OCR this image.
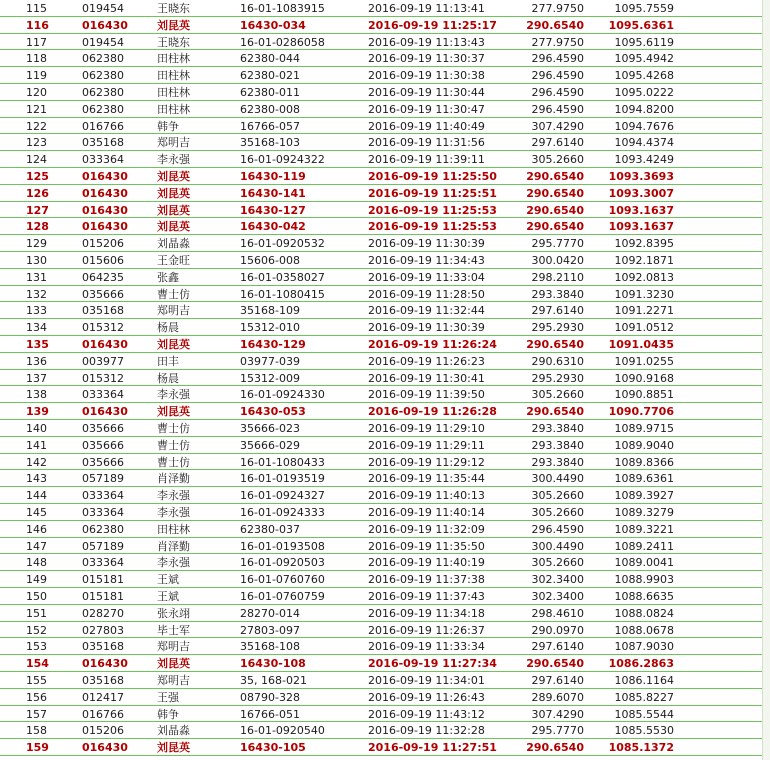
115	019454	王晓东	16-01-1083915	2016-09-19 11:13:41	277.9750	1095.7559
116	016430	刘昆英	16430-034	2016-09-19 11:25:17	290.6540	1095.6361
117	019454	王晓东	16-01-0286058	2016-09-19 11:13:43	277.9750	1095.6119
118	062380	田柱林	62380-044	2016-09-19 11:30:37	296.4590	1095.4942
119	062380	田柱林	62380-021	2016-09-19 11:30:38	296.4590	1095.4268
120	062380	田柱林	62380-011	2016-09-19 11:30:44	296.4590	1095.0222
121	062380	田柱林	62380-008	2016-09-19 11:30:47	296.4590	1094.8200
122	016766	韩争	16766-057	2016-09-19 11:40:49	307.4290	1094.7676
123	035168	郑明吉	35168-103	2016-09-19 11:31:56	297.6140	1094.4374
124	033364	李永强	16-01-0924322	2016-09-19 11:39:11	305.2660	1093.4249
125	016430	刘昆英	16430-119	2016-09-19 11:25:50	290.6540	1093.3693
126	016430	刘昆英	16430-141	2016-09-19 11:25:51	290.6540	1093.3007
127	016430	刘昆英	16430-127	2016-09-19 11:25:53	290.6540	1093.1637
128	016430	刘昆英	16430-042	2016-09-19 11:25:53	290.6540	1093.1637
129	015206	刘晶淼	16-01-0920532	2016-09-19 11:30:39	295.7770	1092.8395
130	015606	王金旺	15606-008	2016-09-19 11:34:43	300.0420	1092.1871
131	064235	张鑫	16-01-0358027	2016-09-19 11:33:04	298.2110	1092.0813
132	035666	曹士仿	16-01-1080415	2016-09-19 11:28:50	293.3840	1091.3230
133	035168	郑明吉	35168-109	2016-09-19 11:32:44	297.6140	1091.2271
134	015312	杨晨	15312-010	2016-09-19 11:30:39	295.2930	1091.0512
135	016430	刘昆英	16430-129	2016-09-19 11:26:24	290.6540	1091.0435
136	003977	田丰	03977-039	2016-09-19 11:26:23	290.6310	1091.0255
137	015312	杨晨	15312-009	2016-09-19 11:30:41	295.2930	1090.9168
138	033364	李永强	16-01-0924330	2016-09-19 11:39:50	305.2660	1090.8851
139	016430	刘昆英	16430-053	2016-09-19 11:26:28	290.6540	1090.7706
140	035666	曹士仿	35666-023	2016-09-19 11:29:10	293.3840	1089.9715
141	035666	曹士仿	35666-029	2016-09-19 11:29:11	293.3840	1089.9040
142	035666	曹士仿	16-01-1080433	2016-09-19 11:29:12	293.3840	1089.8366
143	057189	肖泽勤	16-01-0193519	2016-09-19 11:35:44	300.4490	1089.6361
144	033364	李永强	16-01-0924327	2016-09-19 11:40:13	305.2660	1089.3927
145	033364	李永强	16-01-0924333	2016-09-19 11:40:14	305.2660	1089.3279
146	062380	田柱林	62380-037	2016-09-19 11:32:09	296.4590	1089.3221
147	057189	肖泽勤	16-01-0193508	2016-09-19 11:35:50	300.4490	1089.2411
148	033364	李永强	16-01-0920503	2016-09-19 11:40:19	305.2660	1089.0041
149	015181	王斌	16-01-0760760	2016-09-19 11:37:38	302.3400	1088.9903
150	015181	王斌	16-01-0760759	2016-09-19 11:37:43	302.3400	1088.6635
151	028270	张永翊	28270-014	2016-09-19 11:34:18	298.4610	1088.0824
152	027803	毕士军	27803-097	2016-09-19 11:26:37	290.0970	1088.0678
153	035168	郑明吉	35168-108	2016-09-19 11:33:34	297.6140	1087.9030
154	016430	刘昆英	16430-108	2016-09-19 11:27:34	290.6540	1086.2863
155	035168	郑明吉	35, 168-021	2016-09-19 11:34:01	297.6140	1086.1164
156	012417	王强	08790-328	2016-09-19 11:26:43	289.6070	1085.8227
157	016766	韩争	16766-051	2016-09-19 11:43:12	307.4290	1085.5544
158	015206	刘晶淼	16-01-0920540	2016-09-19 11:32:28	295.7770	1085.5530
159	016430	刘昆英	16430-105	2016-09-19 11:27:51	290.6540	1085.1372
